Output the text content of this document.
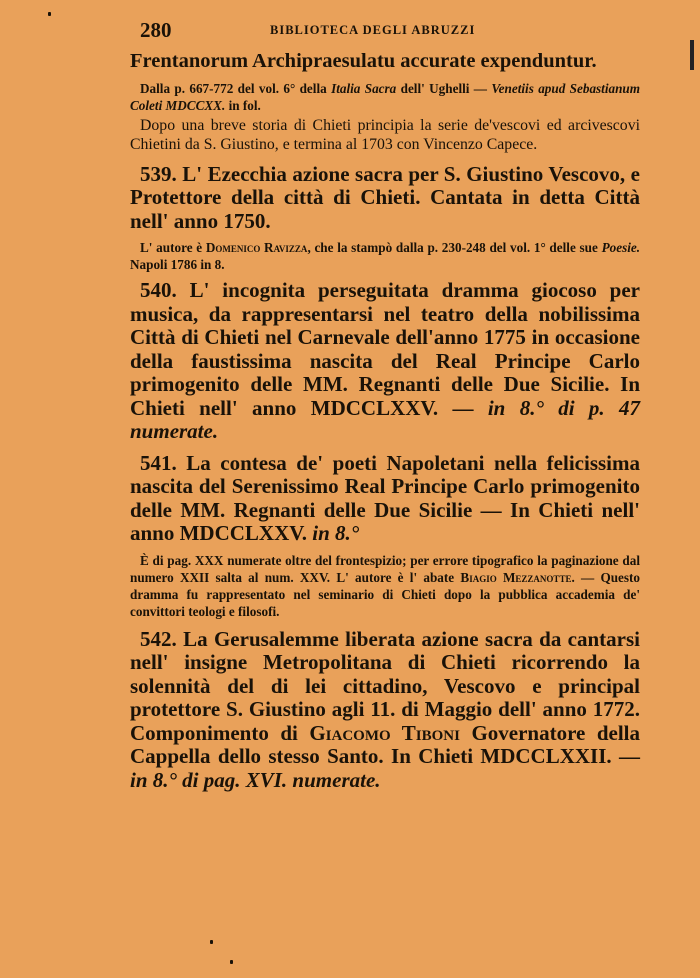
280	BIBLIOTECA DEGLI ABRUZZI

Frentanorum Archipraesulatu accurate expenduntur.

Dalla p. 667-772 del vol. 6° della Italia Sacra dell' Ughelli — Venetiis apud Sebastianum Coleti MDCCXX. in fol.

Dopo una breve storia di Chieti principia la serie de'vescovi ed arcivescovi Chietini da S. Giustino, e termina al 1703 con Vincenzo Capece.

539. L' Ezecchia azione sacra per S. Giustino Vescovo, e Protettore della città di Chieti. Cantata in detta Città nell' anno 1750.

L' autore è Domenico Ravizza, che la stampò dalla p. 230-248 del vol. 1° delle sue Poesie. Napoli 1786 in 8.

540. L' incognita perseguitata dramma giocoso per musica, da rappresentarsi nel teatro della nobilissima Città di Chieti nel Carnevale dell'anno 1775 in occasione della faustissima nascita del Real Principe Carlo primogenito delle MM. Regnanti delle Due Sicilie. In Chieti nell' anno MDCCLXXV. — in 8.° di p. 47 numerate.

541. La contesa de' poeti Napoletani nella felicissima nascita del Serenissimo Real Principe Carlo primogenito delle MM. Regnanti delle Due Sicilie — In Chieti nell' anno MDCCLXXV. in 8.°

È di pag. XXX numerate oltre del frontespizio; per errore tipografico la paginazione dal numero XXII salta al num. XXV. L' autore è l' abate Biagio Mezzanotte. — Questo dramma fu rappresentato nel seminario di Chieti dopo la pubblica accademia de' convittori teologi e filosofi.

542. La Gerusalemme liberata azione sacra da cantarsi nell' insigne Metropolitana di Chieti ricorrendo la solennità del di lei cittadino, Vescovo e principal protettore S. Giustino agli 11. di Maggio dell' anno 1772. Componimento di Giacomo Tiboni Governatore della Cappella dello stesso Santo. In Chieti MDCCLXXII. — in 8.° di pag. XVI. numerate.
